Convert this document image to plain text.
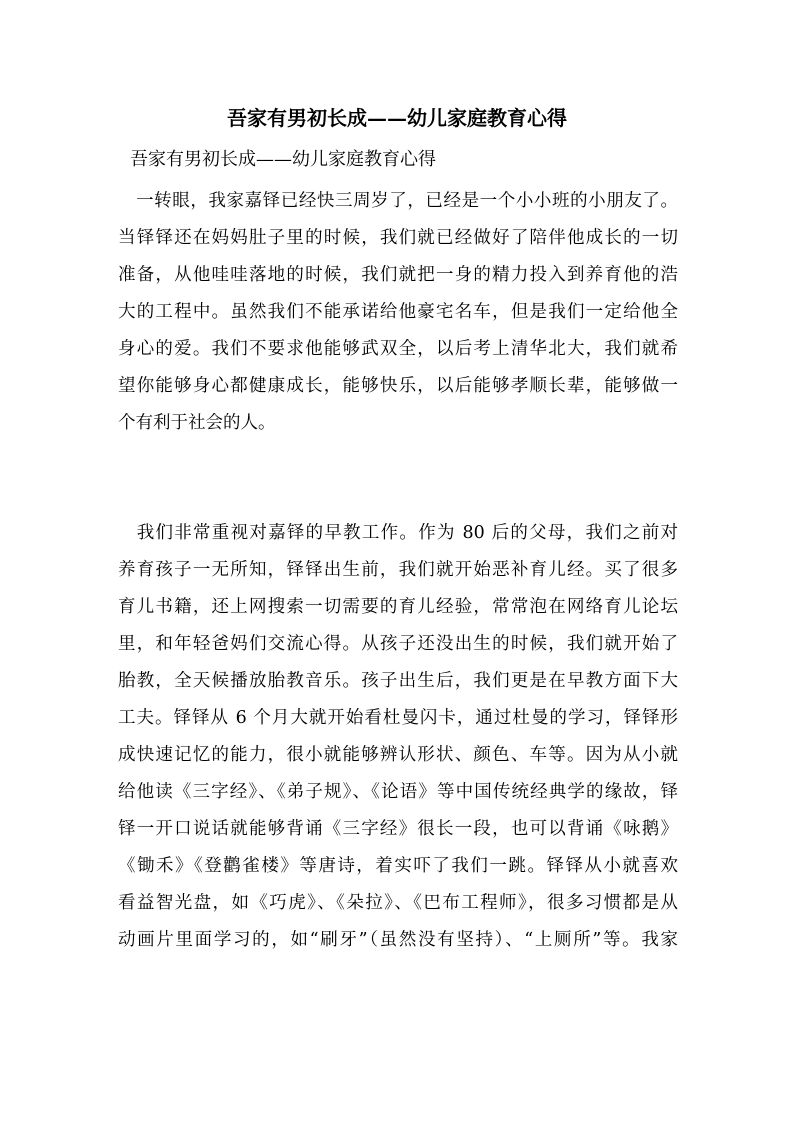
吾家有男初长成——幼儿家庭教育心得

吾家有男初长成——幼儿家庭教育心得

　一转眼，我家嘉铎已经快三周岁了，已经是一个小小班的小朋友了。
当铎铎还在妈妈肚子里的时候，我们就已经做好了陪伴他成长的一切
准备，从他哇哇落地的时候，我们就把一身的精力投入到养育他的浩
大的工程中。虽然我们不能承诺给他豪宅名车，但是我们一定给他全
身心的爱。我们不要求他能够武双全，以后考上清华北大，我们就希
望你能够身心都健康成长，能够快乐，以后能够孝顺长辈，能够做一
个有利于社会的人。
　我们非常重视对嘉铎的早教工作。作为 80 后的父母，我们之前对
养育孩子一无所知，铎铎出生前，我们就开始恶补育儿经。买了很多
育儿书籍，还上网搜索一切需要的育儿经验，常常泡在网络育儿论坛
里，和年轻爸妈们交流心得。从孩子还没出生的时候，我们就开始了
胎教，全天候播放胎教音乐。孩子出生后，我们更是在早教方面下大
工夫。铎铎从 6 个月大就开始看杜曼闪卡，通过杜曼的学习，铎铎形
成快速记忆的能力，很小就能够辨认形状、颜色、车等。因为从小就
给他读《三字经》、《弟子规》、《论语》等中国传统经典学的缘故，铎
铎一开口说话就能够背诵《三字经》很长一段，也可以背诵《咏鹅》
《锄禾》《登鹳雀楼》等唐诗，着实吓了我们一跳。铎铎从小就喜欢
看益智光盘，如《巧虎》、《朵拉》、《巴布工程师》，很多习惯都是从
动画片里面学习的，如“刷牙”（虽然没有坚持）、“上厕所”等。我家
